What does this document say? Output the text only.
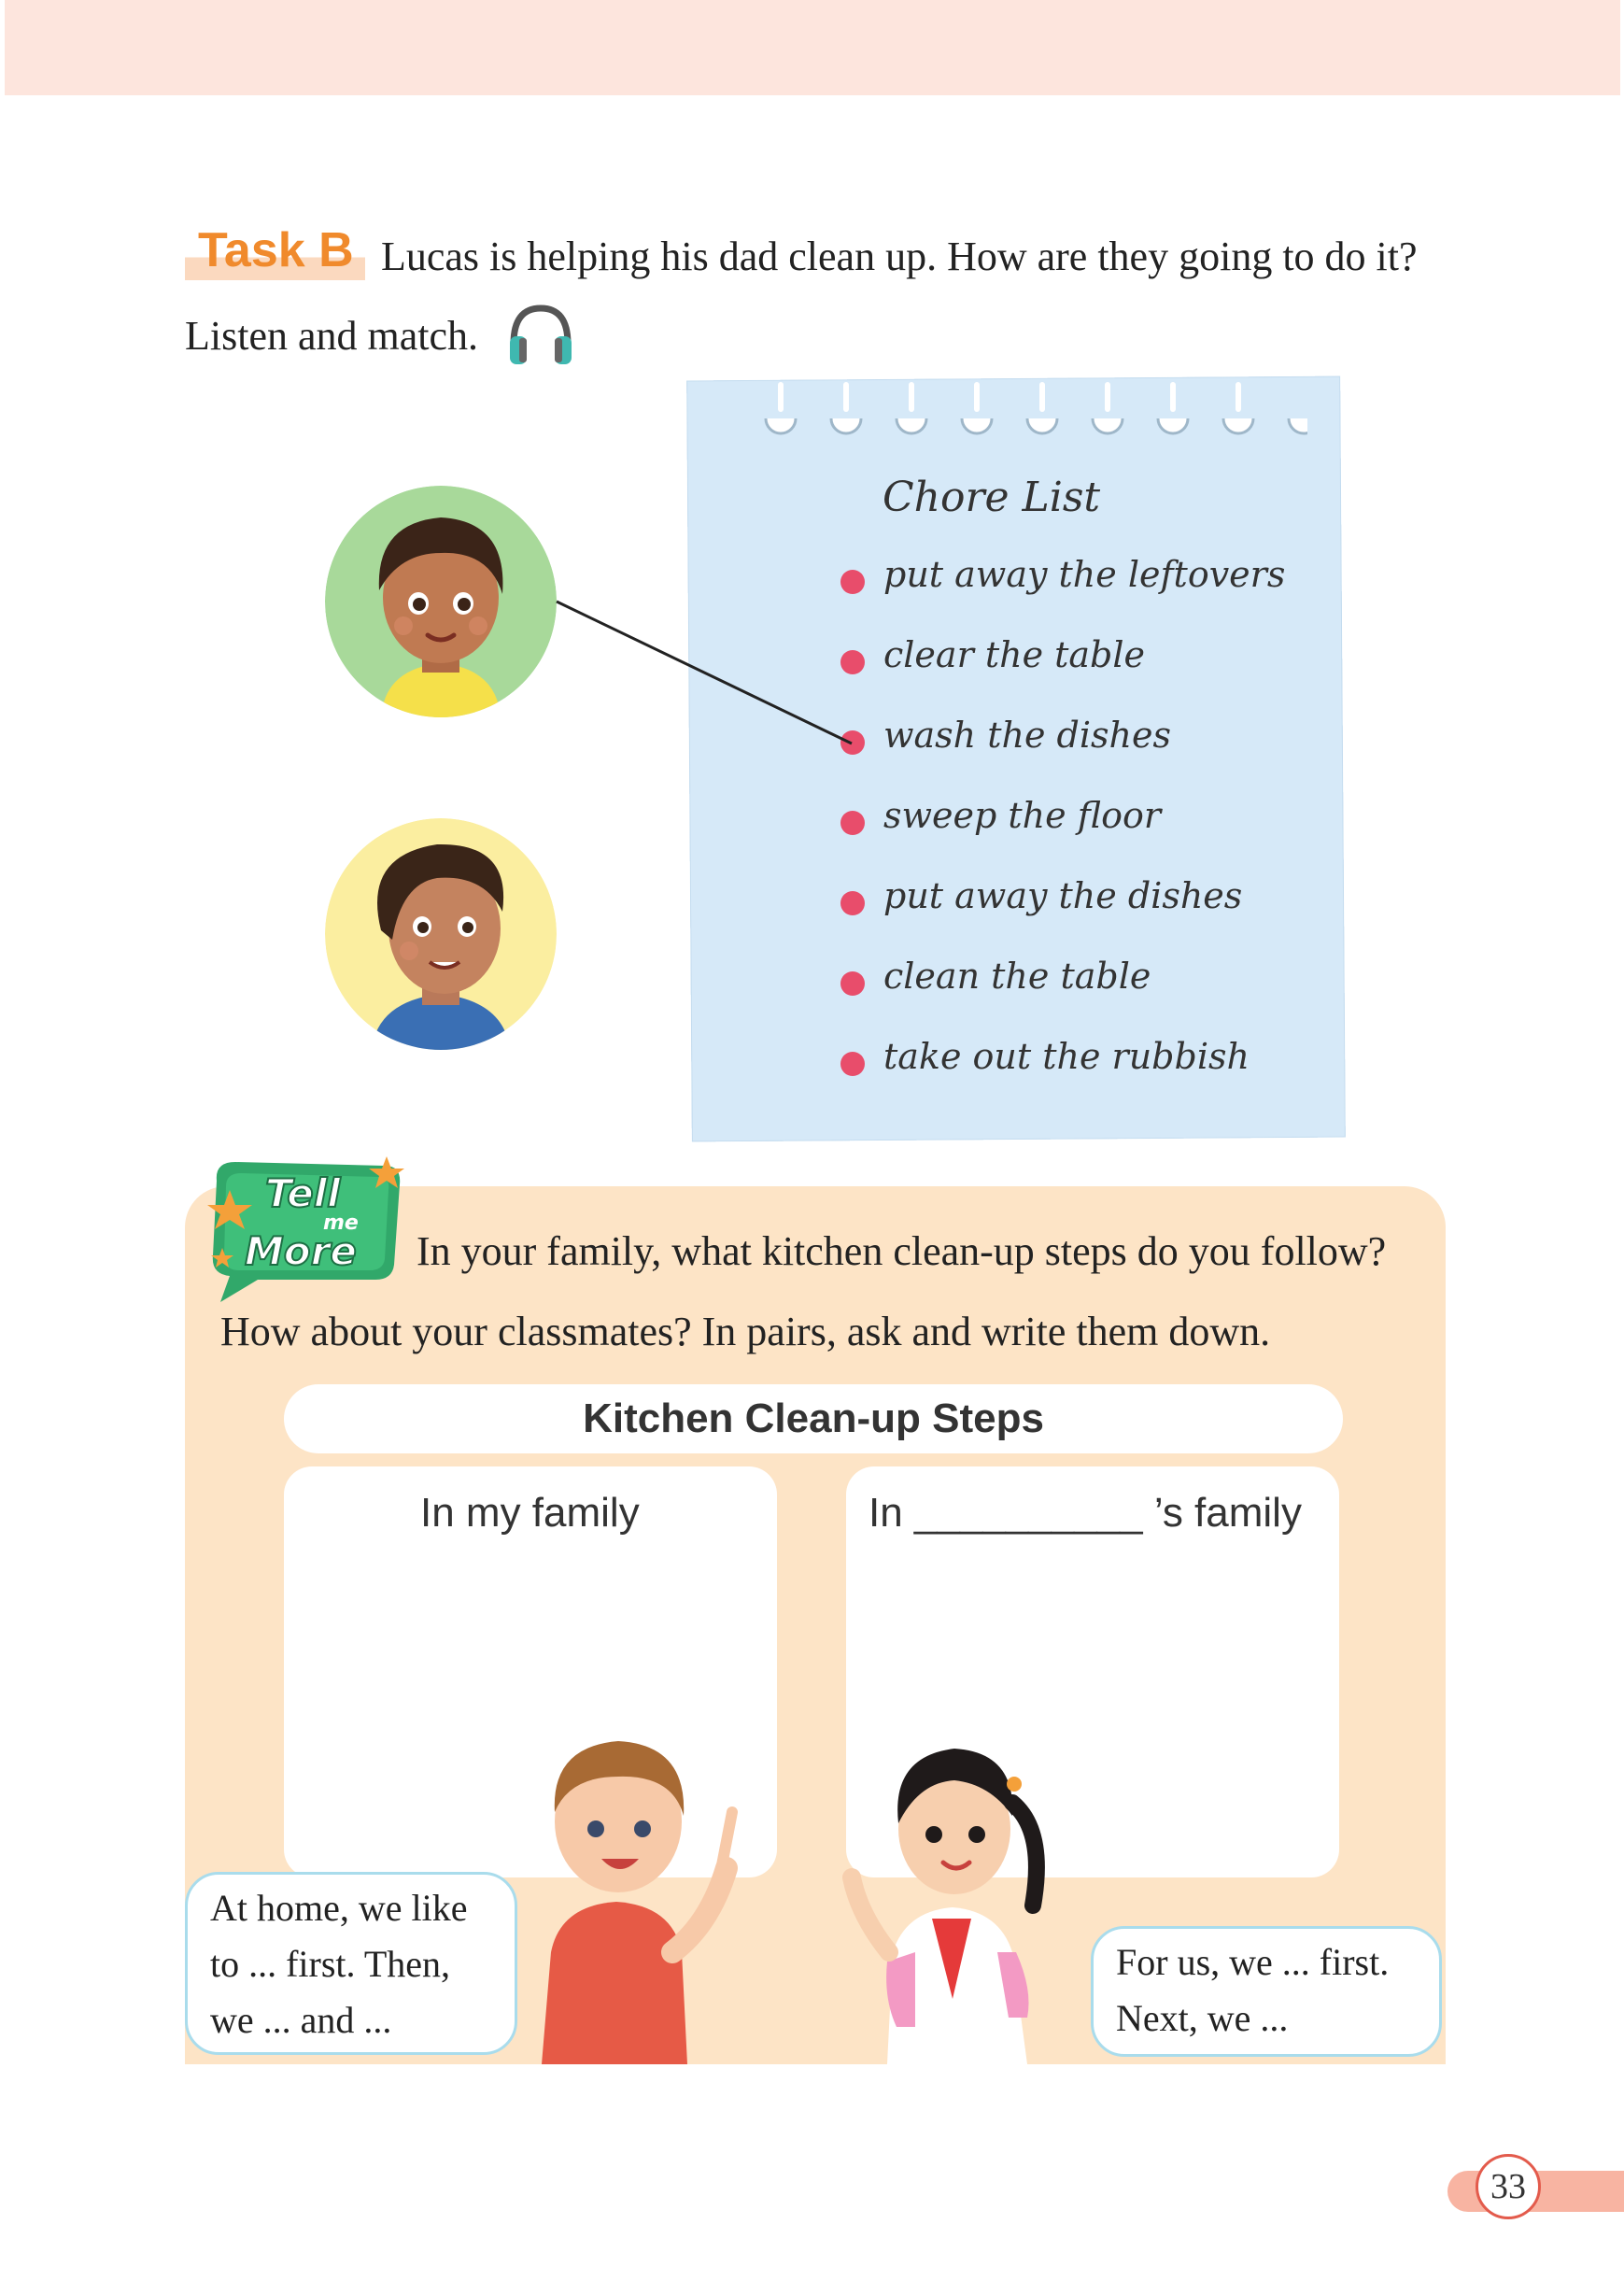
Task B Lucas is helping his dad clean up. How are they going to do it?
Listen and match.
Chore List
put away the leftovers
clear the table
wash the dishes
sweep the floor
put away the dishes
clean the table
take out the rubbish
Tell
me
More In your family, what kitchen clean-up steps do you follow?
How about your classmates? In pairs, ask and write them down.
Kitchen Clean-up Steps
In my family	In __________ ’s family
At home, we like
to ... first. Then,
we ... and ...
For us, we ... first.
Next, we ...
33
